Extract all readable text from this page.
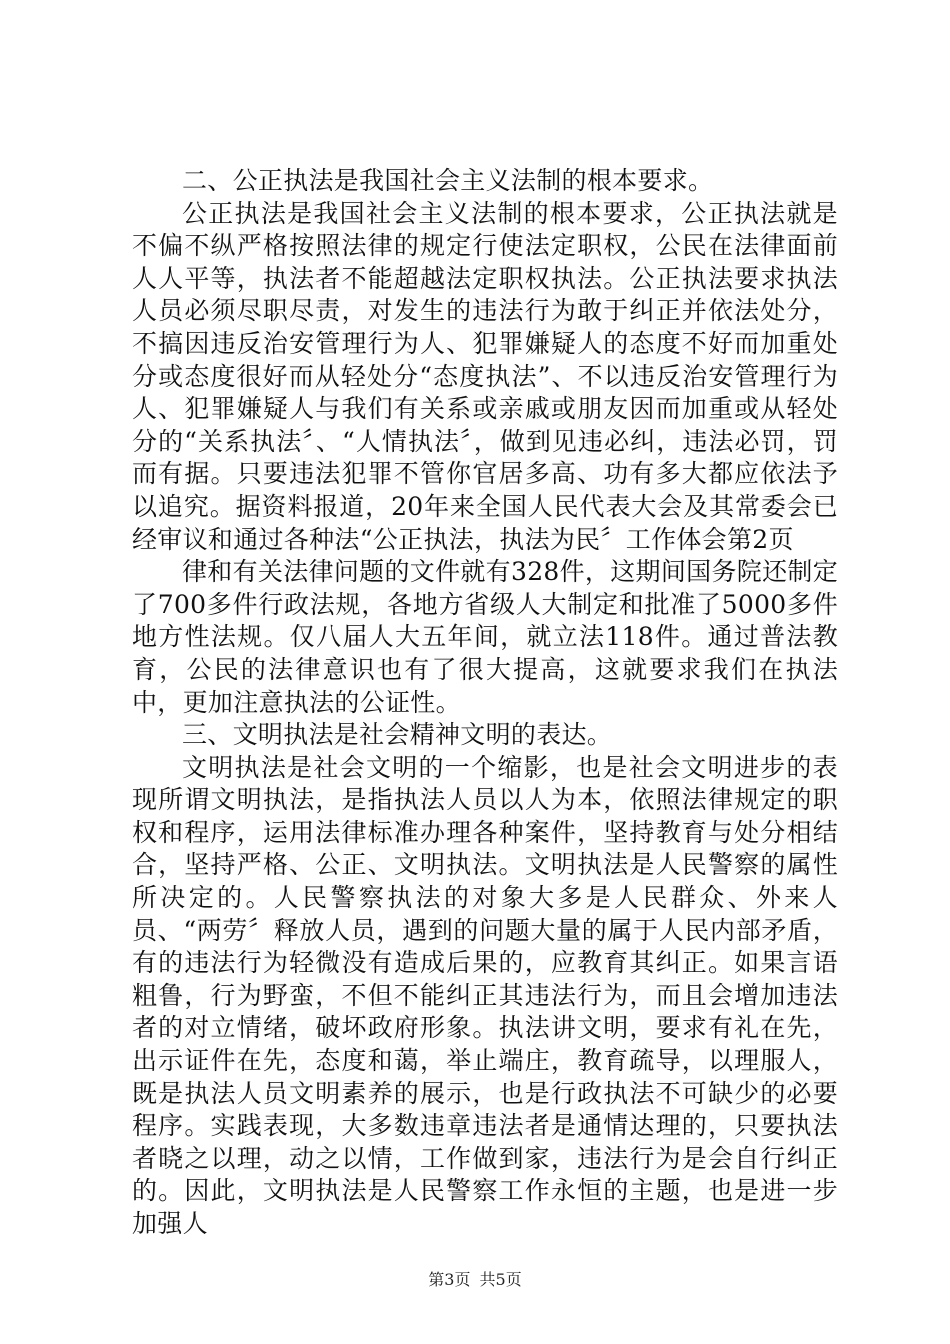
二、公正执法是我国社会主义法制的根本要求。

公正执法是我国社会主义法制的根本要求，公正执法就是不偏不纵严格按照法律的规定行使法定职权，公民在法律面前人人平等，执法者不能超越法定职权执法。公正执法要求执法人员必须尽职尽责，对发生的违法行为敢于纠正并依法处分，不搞因违反治安管理行为人、犯罪嫌疑人的态度不好而加重处分或态度很好而从轻处分“态度执法”、不以违反治安管理行为人、犯罪嫌疑人与我们有关系或亲戚或朋友因而加重或从轻处分的“关系执法〞、“人情执法〞，做到见违必纠，违法必罚，罚而有据。只要违法犯罪不管你官居多高、功有多大都应依法予以追究。据资料报道，20年来全国人民代表大会及其常委会已经审议和通过各种法“公正执法，执法为民〞工作体会第2页

律和有关法律问题的文件就有328件，这期间国务院还制定了700多件行政法规，各地方省级人大制定和批准了5000多件地方性法规。仅八届人大五年间，就立法118件。通过普法教育，公民的法律意识也有了很大提高，这就要求我们在执法中，更加注意执法的公证性。

三、文明执法是社会精神文明的表达。

文明执法是社会文明的一个缩影，也是社会文明进步的表现所谓文明执法，是指执法人员以人为本，依照法律规定的职权和程序，运用法律标准办理各种案件，坚持教育与处分相结合，坚持严格、公正、文明执法。文明执法是人民警察的属性所决定的。人民警察执法的对象大多是人民群众、外来人员、“两劳〞释放人员，遇到的问题大量的属于人民内部矛盾，有的违法行为轻微没有造成后果的，应教育其纠正。如果言语粗鲁，行为野蛮，不但不能纠正其违法行为，而且会增加违法者的对立情绪，破坏政府形象。执法讲文明，要求有礼在先，出示证件在先，态度和蔼，举止端庄，教育疏导，以理服人，既是执法人员文明素养的展示，也是行政执法不可缺少的必要程序。实践表现，大多数违章违法者是通情达理的，只要执法者晓之以理，动之以情，工作做到家，违法行为是会自行纠正的。因此，文明执法是人民警察工作永恒的主题，也是进一步加强人

第3页 共5页
